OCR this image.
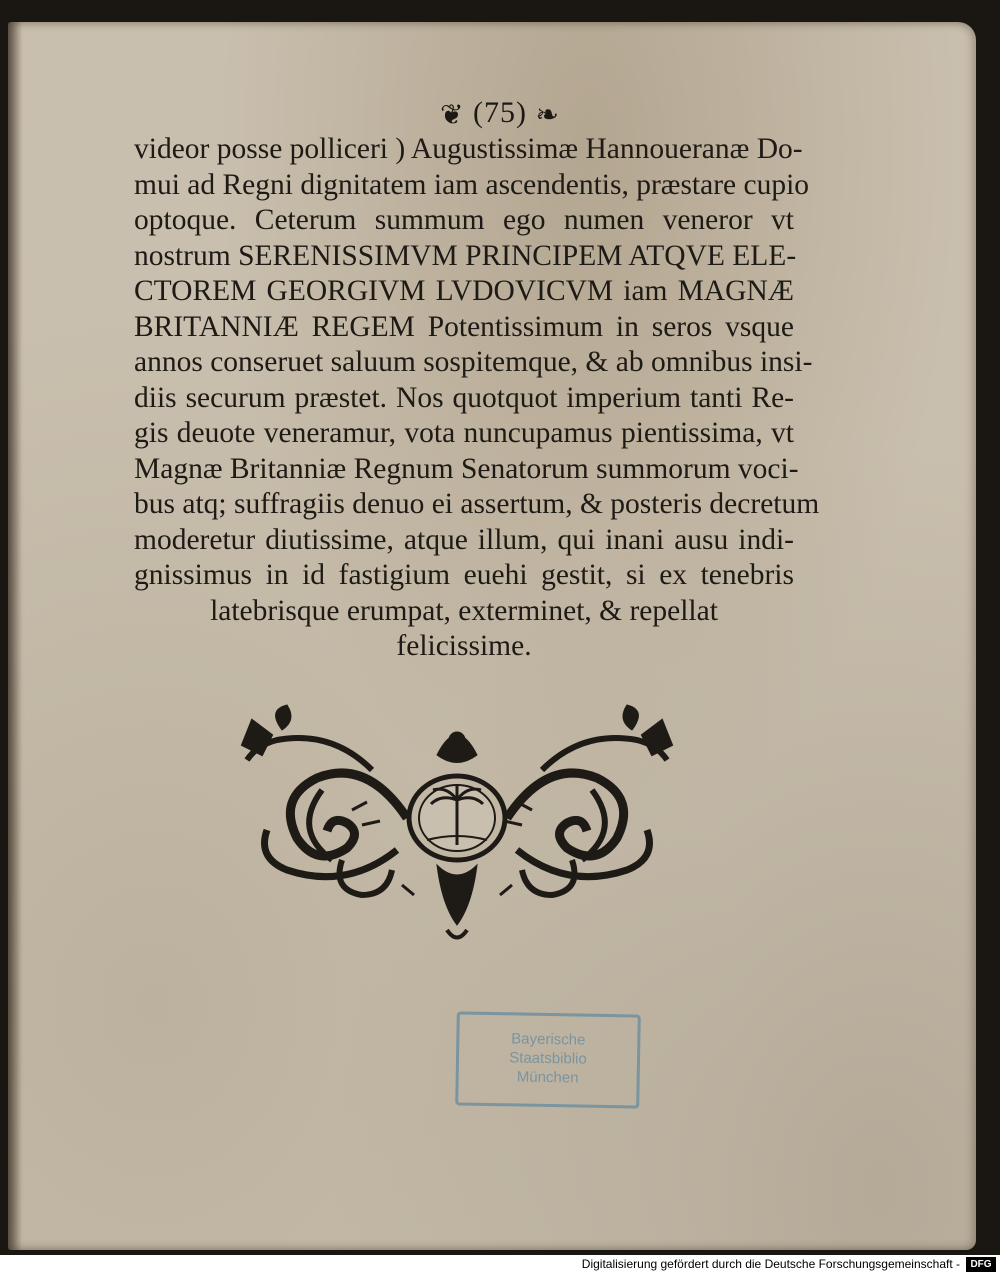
❦ (75) ❧
videor posse polliceri ) Augustissimæ Hannoueranæ Do-
mui ad Regni dignitatem iam ascendentis, præstare cupio
optoque. Ceterum summum ego numen veneror vt
nostrum SERENISSIMVM PRINCIPEM ATQVE ELE-
CTOREM GEORGIVM LVDOVICVM iam MAGNÆ
BRITANNIÆ REGEM Potentissimum in seros vsque
annos conseruet saluum sospitemque, & ab omnibus insi-
diis securum præstet. Nos quotquot imperium tanti Re-
gis deuote veneramur, vota nuncupamus pientissima, vt
Magnæ Britanniæ Regnum Senatorum summorum voci-
bus atq; suffragiis denuo ei assertum, & posteris decretum
moderetur diutissime, atque illum, qui inani ausu indi-
gnissimus in id fastigium euehi gestit, si ex tenebris
latebrisque erumpat, exterminet, & repellat
felicissime.
Bayerische
Staatsbiblio
München
Digitalisierung gefördert durch die Deutsche Forschungsgemeinschaft -	DFG
